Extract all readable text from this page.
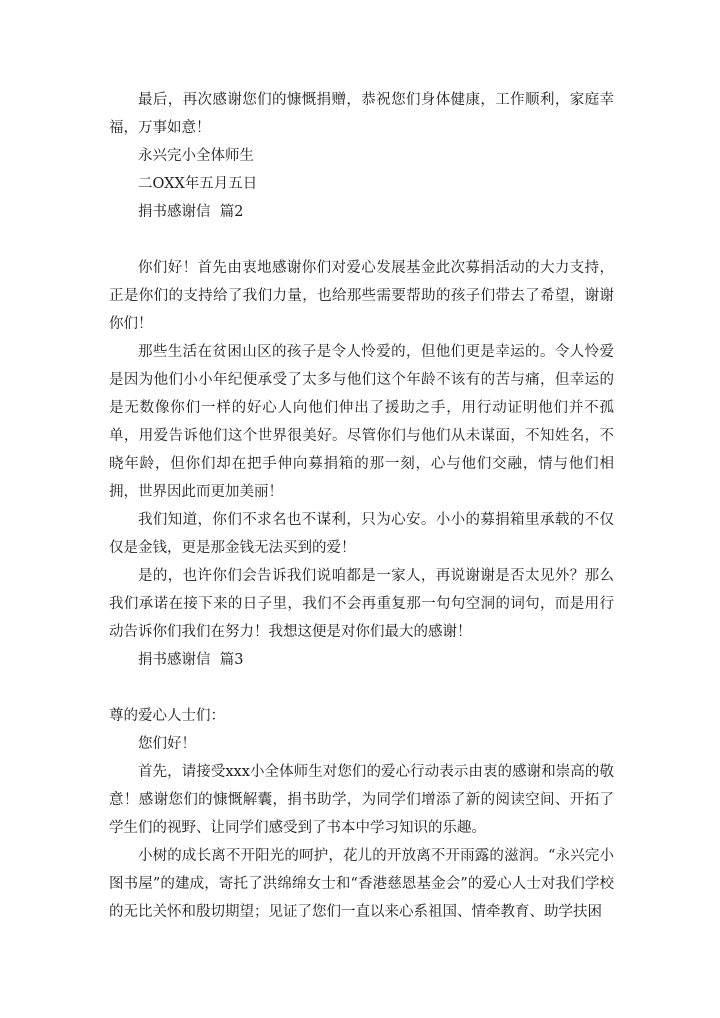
最后，再次感谢您们的慷慨捐赠，恭祝您们身体健康，工作顺利，家庭幸福，万事如意！

永兴完小全体师生

二OXX年五月五日

捐书感谢信  篇2

你们好！首先由衷地感谢你们对爱心发展基金此次募捐活动的大力支持，正是你们的支持给了我们力量，也给那些需要帮助的孩子们带去了希望，谢谢你们！

那些生活在贫困山区的孩子是令人怜爱的，但他们更是幸运的。令人怜爱是因为他们小小年纪便承受了太多与他们这个年龄不该有的苦与痛，但幸运的是无数像你们一样的好心人向他们伸出了援助之手，用行动证明他们并不孤单，用爱告诉他们这个世界很美好。尽管你们与他们从未谋面，不知姓名，不晓年龄，但你们却在把手伸向募捐箱的那一刻，心与他们交融，情与他们相拥，世界因此而更加美丽！

我们知道，你们不求名也不谋利，只为心安。小小的募捐箱里承载的不仅仅是金钱，更是那金钱无法买到的爱！

是的，也许你们会告诉我们说咱都是一家人，再说谢谢是否太见外？那么我们承诺在接下来的日子里，我们不会再重复那一句句空洞的词句，而是用行动告诉你们我们在努力！我想这便是对你们最大的感谢！

捐书感谢信  篇3

尊的爱心人士们：

您们好！

首先，请接受xxx小全体师生对您们的爱心行动表示由衷的感谢和崇高的敬意！感谢您们的慷慨解囊，捐书助学，为同学们增添了新的阅读空间、开拓了学生们的视野、让同学们感受到了书本中学习知识的乐趣。

小树的成长离不开阳光的呵护，花儿的开放离不开雨露的滋润。“永兴完小图书屋”的建成，寄托了洪绵绵女士和“香港慈恩基金会”的爱心人士对我们学校的无比关怀和殷切期望；见证了您们一直以来心系祖国、情牵教育、助学扶困
